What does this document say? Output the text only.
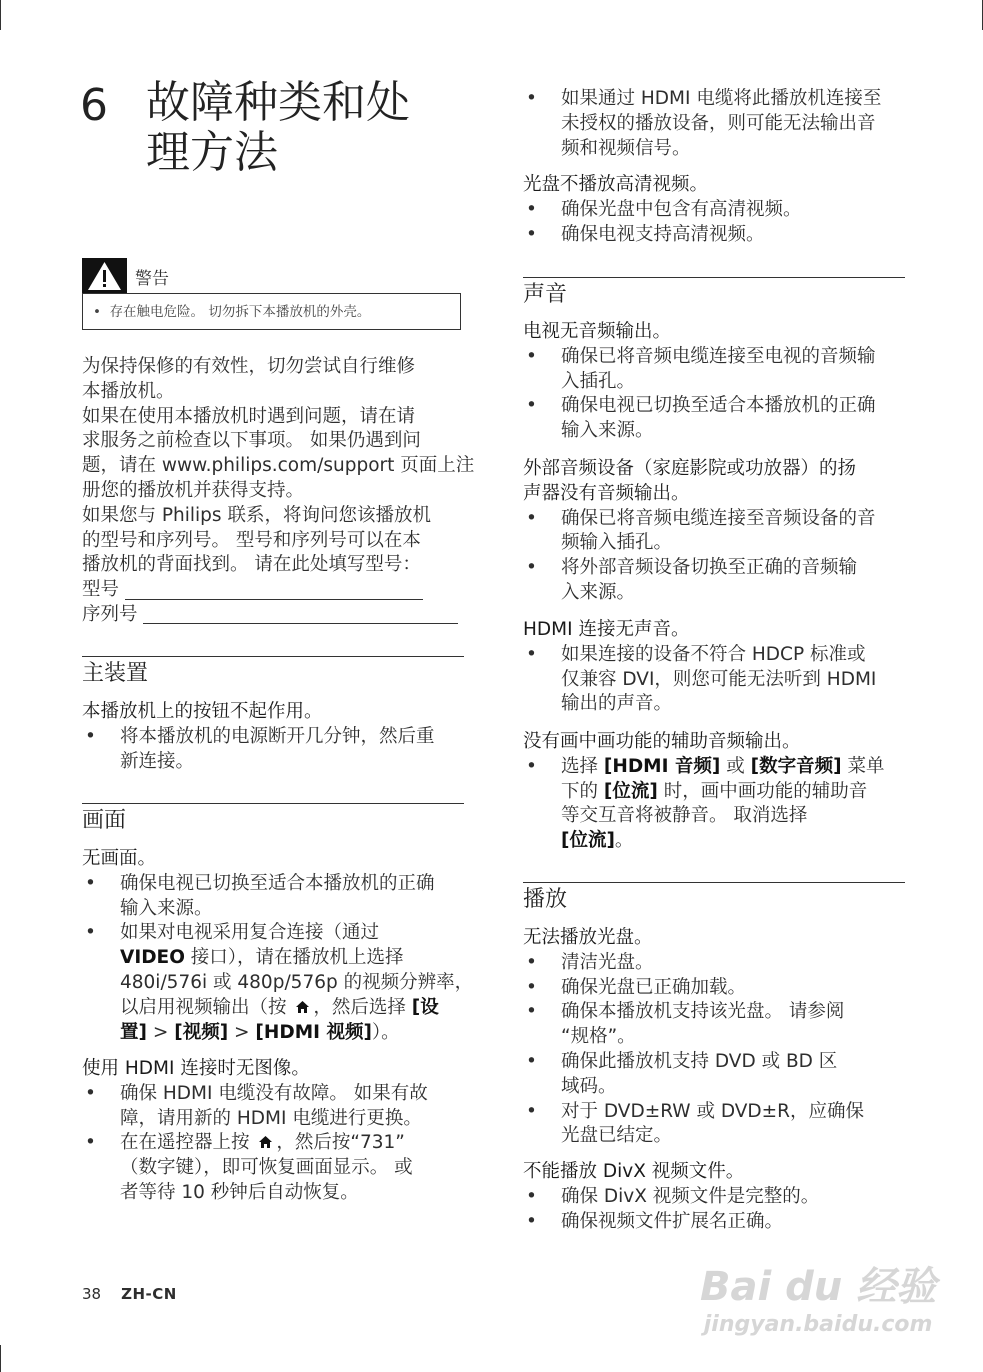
6 故障种类和处
理方法
警告
• 存在触电危险。 切勿拆下本播放机的外壳。
主装置
画面
声音
播放
为保持保修的有效性，切勿尝试自行维修
本播放机。
如果在使用本播放机时遇到问题，请在请
求服务之前检查以下事项。 如果仍遇到问
题，请在 www.philips.com/support 页面上注
册您的播放机并获得支持。
如果您与 Philips 联系，将询问您该播放机
的型号和序列号。 型号和序列号可以在本
播放机的背面找到。 请在此处填写型号：
型号
序列号
本播放机上的按钮不起作用。
• 将本播放机的电源断开几分钟，然后重
新连接。
无画面。
• 确保电视已切换至适合本播放机的正确
输入来源。
• 如果对电视采用复合连接（通过
VIDEO 接口），请在播放机上选择
480i/576i 或 480p/576p 的视频分辨率，
以启用视频输出（按 ，然后选择 [设
置] > [视频] > [HDMI 视频]）。
使用 HDMI 连接时无图像。
• 确保 HDMI 电缆没有故障。 如果有故
障，请用新的 HDMI 电缆进行更换。
• 在在遥控器上按 ，然后按“731”
（数字键），即可恢复画面显示。 或
者等待 10 秒钟后自动恢复。
• 如果通过 HDMI 电缆将此播放机连接至
未授权的播放设备，则可能无法输出音
频和视频信号。
光盘不播放高清视频。
• 确保光盘中包含有高清视频。
• 确保电视支持高清视频。
电视无音频输出。
• 确保已将音频电缆连接至电视的音频输
入插孔。
• 确保电视已切换至适合本播放机的正确
输入来源。
外部音频设备（家庭影院或功放器）的扬
声器没有音频输出。
• 确保已将音频电缆连接至音频设备的音
频输入插孔。
• 将外部音频设备切换至正确的音频输
入来源。
HDMI 连接无声音。
• 如果连接的设备不符合 HDCP 标准或
仅兼容 DVI，则您可能无法听到 HDMI
输出的声音。
没有画中画功能的辅助音频输出。
• 选择 [HDMI 音频] 或 [数字音频] 菜单
下的 [位流] 时，画中画功能的辅助音
等交互音将被静音。 取消选择
[位流]。
无法播放光盘。
• 清洁光盘。
• 确保光盘已正确加载。
• 确保本播放机支持该光盘。 请参阅
“规格”。
• 确保此播放机支持 DVD 或 BD 区
域码。
• 对于 DVD±RW 或 DVD±R，应确保
光盘已结定。
不能播放 DivX 视频文件。
• 确保 DivX 视频文件是完整的。
• 确保视频文件扩展名正确。
38 ZH-CN	Bai du 经验
jingyan.baidu.com
